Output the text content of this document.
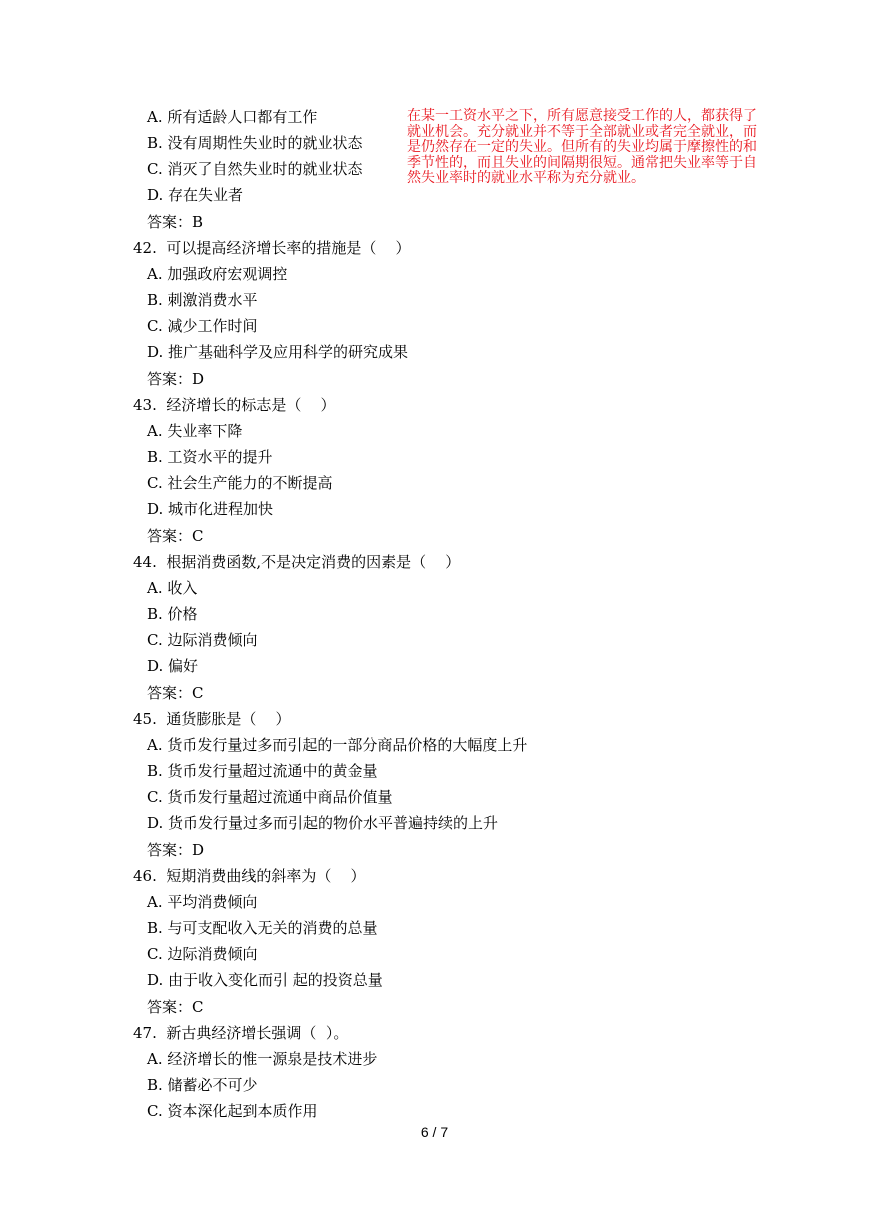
A. 所有适龄人口都有工作
B. 没有周期性失业时的就业状态
C. 消灭了自然失业时的就业状态
D. 存在失业者
答案：B
在某一工资水平之下，所有愿意接受工作的人，都获得了就业机会。充分就业并不等于全部就业或者完全就业，而是仍然存在一定的失业。但所有的失业均属于摩擦性的和季节性的，而且失业的间隔期很短。通常把失业率等于自然失业率时的就业水平称为充分就业。
42.  可以提高经济增长率的措施是（    ）
A. 加强政府宏观调控
B. 刺激消费水平
C. 减少工作时间
D. 推广基础科学及应用科学的研究成果
答案：D
43.  经济增长的标志是（    ）
A. 失业率下降
B. 工资水平的提升
C. 社会生产能力的不断提高
D. 城市化进程加快
答案：C
44.  根据消费函数,不是决定消费的因素是（    ）
A. 收入
B. 价格
C. 边际消费倾向
D. 偏好
答案：C
45.  通货膨胀是（    ）
A. 货币发行量过多而引起的一部分商品价格的大幅度上升
B. 货币发行量超过流通中的黄金量
C. 货币发行量超过流通中商品价值量
D. 货币发行量过多而引起的物价水平普遍持续的上升
答案：D
46.  短期消费曲线的斜率为（    ）
A. 平均消费倾向
B. 与可支配收入无关的消费的总量
C. 边际消费倾向
D. 由于收入变化而引 起的投资总量
答案：C
47.  新古典经济增长强调（  ）。
A. 经济增长的惟一源泉是技术进步
B. 储蓄必不可少
C. 资本深化起到本质作用
6 / 7
